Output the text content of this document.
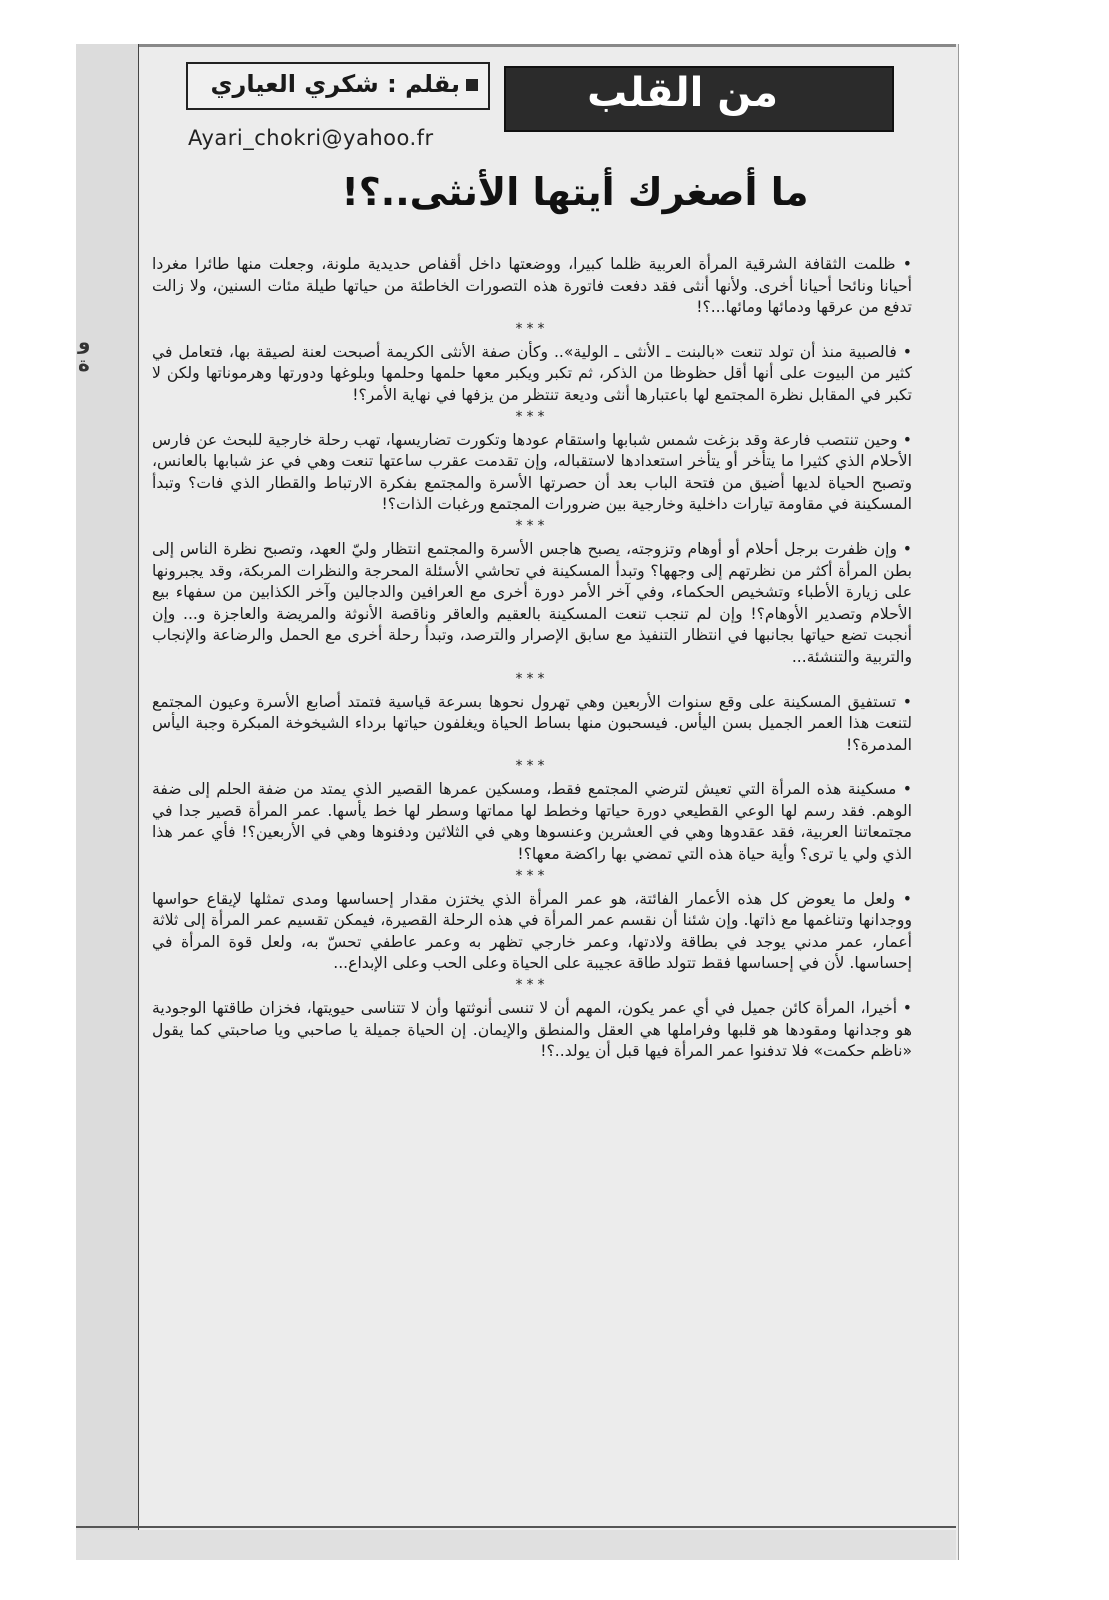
و
ة
من القلب
بقلم : شكري العياري
Ayari_chokri@yahoo.fr
ما أصغرك أيتها الأنثى..؟!

• ظلمت الثقافة الشرقية المرأة العربية ظلما كبيرا، ووضعتها داخل أقفاص حديدية ملونة، وجعلت منها طائرا مغردا أحيانا ونائحا أحيانا أخرى. ولأنها أنثى فقد دفعت فاتورة هذه التصورات الخاطئة من حياتها طيلة مئات السنين، ولا زالت تدفع من عرقها ودمائها ومائها...؟!

***

• فالصبية منذ أن تولد تنعت «بالبنت ـ الأنثى ـ الولية».. وكأن صفة الأنثى الكريمة أصبحت لعنة لصيقة بها، فتعامل في كثير من البيوت على أنها أقل حظوظا من الذكر، ثم تكبر ويكبر معها حلمها وحلمها وبلوغها ودورتها وهرموناتها ولكن لا تكبر في المقابل نظرة المجتمع لها باعتبارها أنثى وديعة تنتظر من يزفها في نهاية الأمر؟!

***

• وحين تنتصب فارعة وقد بزغت شمس شبابها واستقام عودها وتكورت تضاريسها، تهب رحلة خارجية للبحث عن فارس الأحلام الذي كثيرا ما يتأخر أو يتأخر استعدادها لاستقباله، وإن تقدمت عقرب ساعتها تنعت وهي في عز شبابها بالعانس، وتصبح الحياة لديها أضيق من فتحة الباب بعد أن حصرتها الأسرة والمجتمع بفكرة الارتباط والقطار الذي فات؟ وتبدأ المسكينة في مقاومة تيارات داخلية وخارجية بين ضرورات المجتمع ورغبات الذات؟!

***

• وإن ظفرت برجل أحلام أو أوهام وتزوجته، يصبح هاجس الأسرة والمجتمع انتظار وليّ العهد، وتصبح نظرة الناس إلى بطن المرأة أكثر من نظرتهم إلى وجهها؟ وتبدأ المسكينة في تحاشي الأسئلة المحرجة والنظرات المربكة، وقد يجبرونها على زيارة الأطباء وتشخيص الحكماء، وفي آخر الأمر دورة أخرى مع العرافين والدجالين وآخر الكذابين من سفهاء بيع الأحلام وتصدير الأوهام؟! وإن لم تنجب تنعت المسكينة بالعقيم والعاقر وناقصة الأنوثة والمريضة والعاجزة و... وإن أنجبت تضع حياتها بجانبها في انتظار التنفيذ مع سابق الإصرار والترصد، وتبدأ رحلة أخرى مع الحمل والرضاعة والإنجاب والتربية والتنشئة...

***

• تستفيق المسكينة على وقع سنوات الأربعين وهي تهرول نحوها بسرعة قياسية فتمتد أصابع الأسرة وعيون المجتمع لتنعت هذا العمر الجميل بسن اليأس. فيسحبون منها بساط الحياة ويغلفون حياتها برداء الشيخوخة المبكرة وجبة اليأس المدمرة؟!

***

• مسكينة هذه المرأة التي تعيش لترضي المجتمع فقط، ومسكين عمرها القصير الذي يمتد من ضفة الحلم إلى ضفة الوهم. فقد رسم لها الوعي القطيعي دورة حياتها وخطط لها مماتها وسطر لها خط يأسها. عمر المرأة قصير جدا في مجتمعاتنا العربية، فقد عقدوها وهي في العشرين وعنسوها وهي في الثلاثين ودفنوها وهي في الأربعين؟! فأي عمر هذا الذي ولي يا ترى؟ وأية حياة هذه التي تمضي بها راكضة معها؟!

***

• ولعل ما يعوض كل هذه الأعمار الفائتة، هو عمر المرأة الذي يختزن مقدار إحساسها ومدى تمثلها لإيقاع حواسها ووجدانها وتناغمها مع ذاتها. وإن شئنا أن نقسم عمر المرأة في هذه الرحلة القصيرة، فيمكن تقسيم عمر المرأة إلى ثلاثة أعمار، عمر مدني يوجد في بطاقة ولادتها، وعمر خارجي تظهر به وعمر عاطفي تحسّ به، ولعل قوة المرأة في إحساسها. لأن في إحساسها فقط تتولد طاقة عجيبة على الحياة وعلى الحب وعلى الإبداع...

***

• أخيرا، المرأة كائن جميل في أي عمر يكون، المهم أن لا تنسى أنوثتها وأن لا تتناسى حيويتها، فخزان طاقتها الوجودية هو وجدانها ومقودها هو قلبها وفراملها هي العقل والمنطق والإيمان. إن الحياة جميلة يا صاحبي ويا صاحبتي كما يقول «ناظم حكمت» فلا تدفنوا عمر المرأة فيها قبل أن يولد..؟!
